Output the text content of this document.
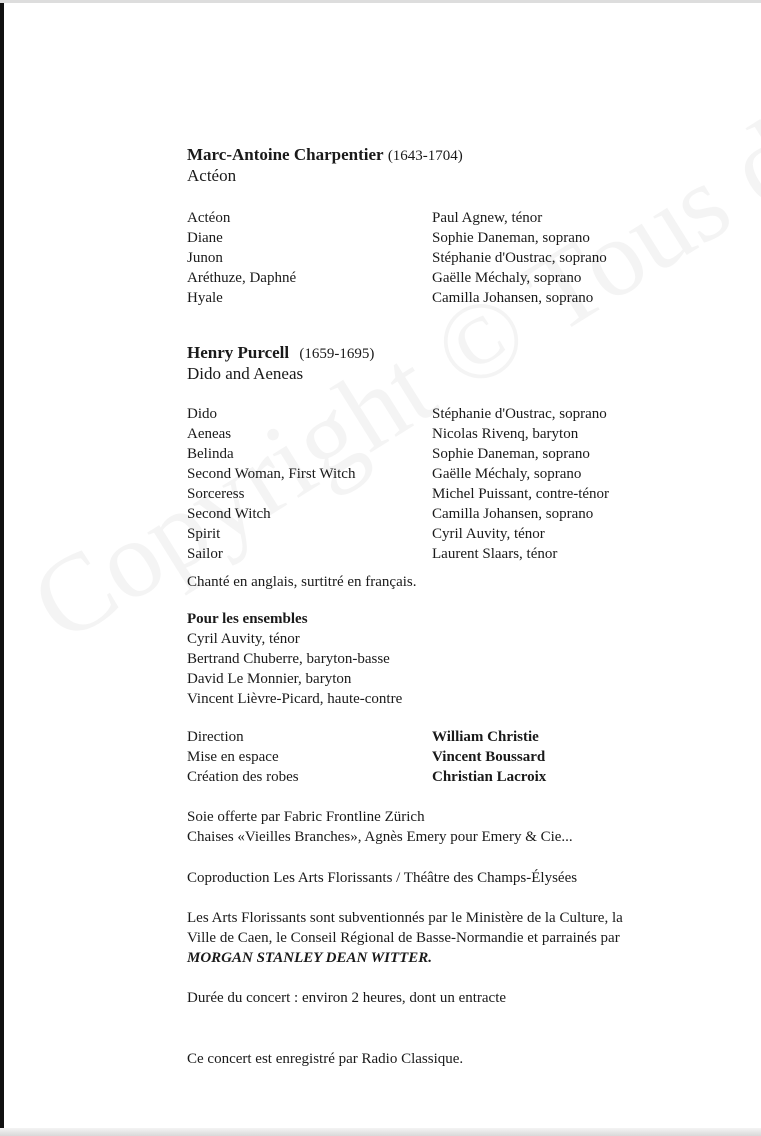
Marc-Antoine Charpentier (1643-1704)
Actéon
Actéon	Paul Agnew, ténor
Diane	Sophie Daneman, soprano
Junon	Stéphanie d'Oustrac, soprano
Aréthuze, Daphné	Gaëlle Méchaly, soprano
Hyale	Camilla Johansen, soprano
Henry Purcell (1659-1695)
Dido and Aeneas
Dido	Stéphanie d'Oustrac, soprano
Aeneas	Nicolas Rivenq, baryton
Belinda	Sophie Daneman, soprano
Second Woman, First Witch	Gaëlle Méchaly, soprano
Sorceress	Michel Puissant, contre-ténor
Second Witch	Camilla Johansen, soprano
Spirit	Cyril Auvity, ténor
Sailor	Laurent Slaars, ténor
Chanté en anglais, surtitré en français.
Pour les ensembles
Cyril Auvity, ténor
Bertrand Chuberre, baryton-basse
David Le Monnier, baryton
Vincent Lièvre-Picard, haute-contre
Direction	William Christie
Mise en espace	Vincent Boussard
Création des robes	Christian Lacroix
Soie offerte par Fabric Frontline Zürich
Chaises «Vieilles Branches», Agnès Emery pour Emery & Cie...
Coproduction Les Arts Florissants / Théâtre des Champs-Élysées
Les Arts Florissants sont subventionnés par le Ministère de la Culture, la
Ville de Caen, le Conseil Régional de Basse-Normandie et parrainés par
MORGAN STANLEY DEAN WITTER.
Durée du concert : environ 2 heures, dont un entracte
Ce concert est enregistré par Radio Classique.
